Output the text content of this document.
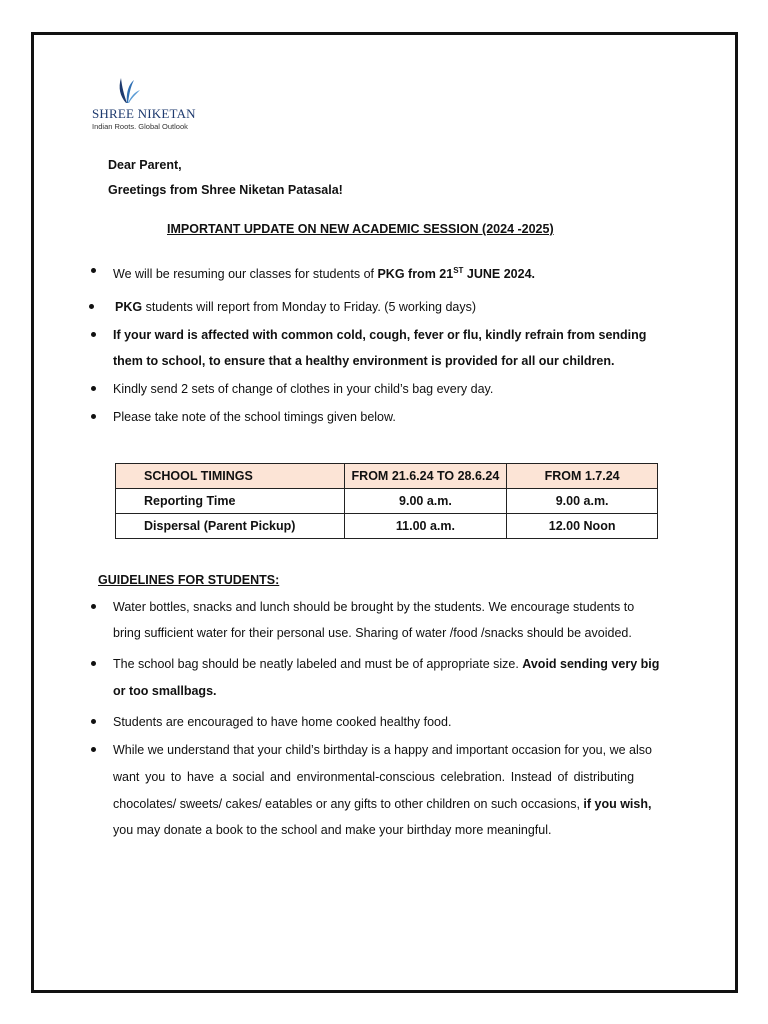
SHREE NIKETAN
Indian Roots. Global Outlook
Dear Parent,
Greetings from Shree Niketan Patasala!
IMPORTANT UPDATE ON NEW ACADEMIC SESSION (2024 -2025)
We will be resuming our classes for students of PKG from 21ST JUNE 2024.
PKG students will report from Monday to Friday. (5 working days)
If your ward is affected with common cold, cough, fever or flu, kindly refrain from sending
them to school, to ensure that a healthy environment is provided for all our children.
Kindly send 2 sets of change of clothes in your child’s bag every day.
Please take note of the school timings given below.
SCHOOL TIMINGS	FROM 21.6.24 TO 28.6.24	FROM 1.7.24
Reporting Time	9.00 a.m.	9.00 a.m.
Dispersal (Parent Pickup)	11.00 a.m.	12.00 Noon
GUIDELINES FOR STUDENTS:
Water bottles, snacks and lunch should be brought by the students. We encourage students to
bring sufficient water for their personal use. Sharing of water /food /snacks should be avoided.
The school bag should be neatly labeled and must be of appropriate size. Avoid sending very big
or too smallbags.
Students are encouraged to have home cooked healthy food.
While we understand that your child’s birthday is a happy and important occasion for you, we also
want you to have a social and environmental-conscious celebration. Instead of distributing
chocolates/ sweets/ cakes/ eatables or any gifts to other children on such occasions, if you wish,
you may donate a book to the school and make your birthday more meaningful.
